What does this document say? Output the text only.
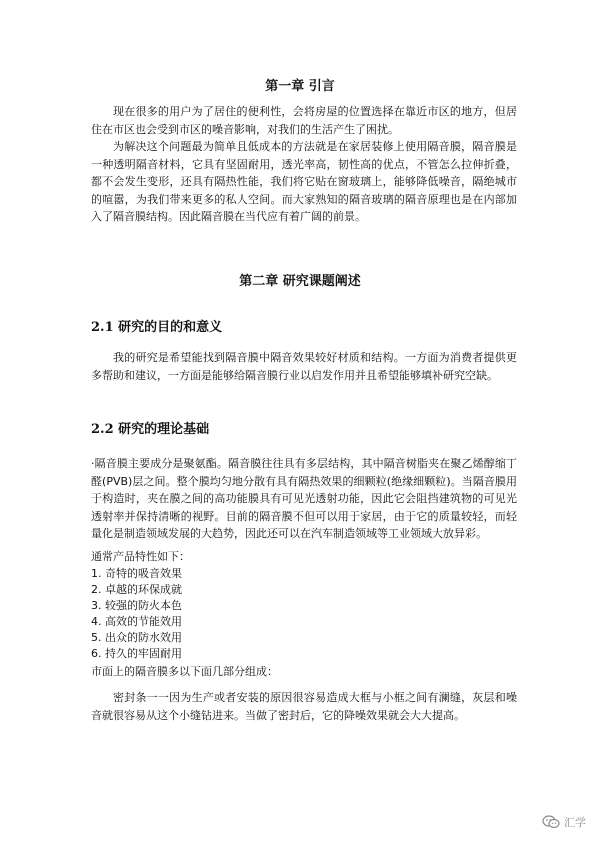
第一章 引言

现在很多的用户为了居住的便利性，会将房屋的位置选择在靠近市区的地方，但居住在市区也会受到市区的噪音影响，对我们的生活产生了困扰。

为解决这个问题最为简单且低成本的方法就是在家居装修上使用隔音膜，隔音膜是一种透明隔音材料，它具有坚固耐用，透光率高，韧性高的优点，不管怎么拉伸折叠，都不会发生变形，还具有隔热性能，我们将它贴在窗玻璃上，能够降低噪音，隔绝城市的喧嚣，为我们带来更多的私人空间。而大家熟知的隔音玻璃的隔音原理也是在内部加入了隔音膜结构。因此隔音膜在当代应有着广阔的前景。

第二章 研究课题阐述
2.1 研究的目的和意义

我的研究是希望能找到隔音膜中隔音效果较好材质和结构。一方面为消费者提供更多帮助和建议，一方面是能够给隔音膜行业以启发作用并且希望能够填补研究空缺。

2.2 研究的理论基础

·隔音膜主要成分是聚氨酯。隔音膜往往具有多层结构，其中隔音树脂夹在聚乙烯醇缩丁醛(PVB)层之间。整个膜均匀地分散有具有隔热效果的细颗粒(绝缘细颗粒)。当隔音膜用于构造时，夹在膜之间的高功能膜具有可见光透射功能，因此它会阻挡建筑物的可见光透射率并保持清晰的视野。目前的隔音膜不但可以用于家居，由于它的质量较轻，而轻量化是制造领域发展的大趋势，因此还可以在汽车制造领域等工业领域大放异彩。

通常产品特性如下：

1. 奇特的吸音效果
2. 卓越的环保成就
3. 较强的防火本色
4. 高效的节能效用
5. 出众的防水效用
6. 持久的牢固耐用

市面上的隔音膜多以下面几部分组成：

密封条一一因为生产或者安装的原因很容易造成大框与小框之间有澜缝，灰层和噪音就很容易从这个小缝钻进来。当做了密封后，它的降噪效果就会大大提高。

汇学
